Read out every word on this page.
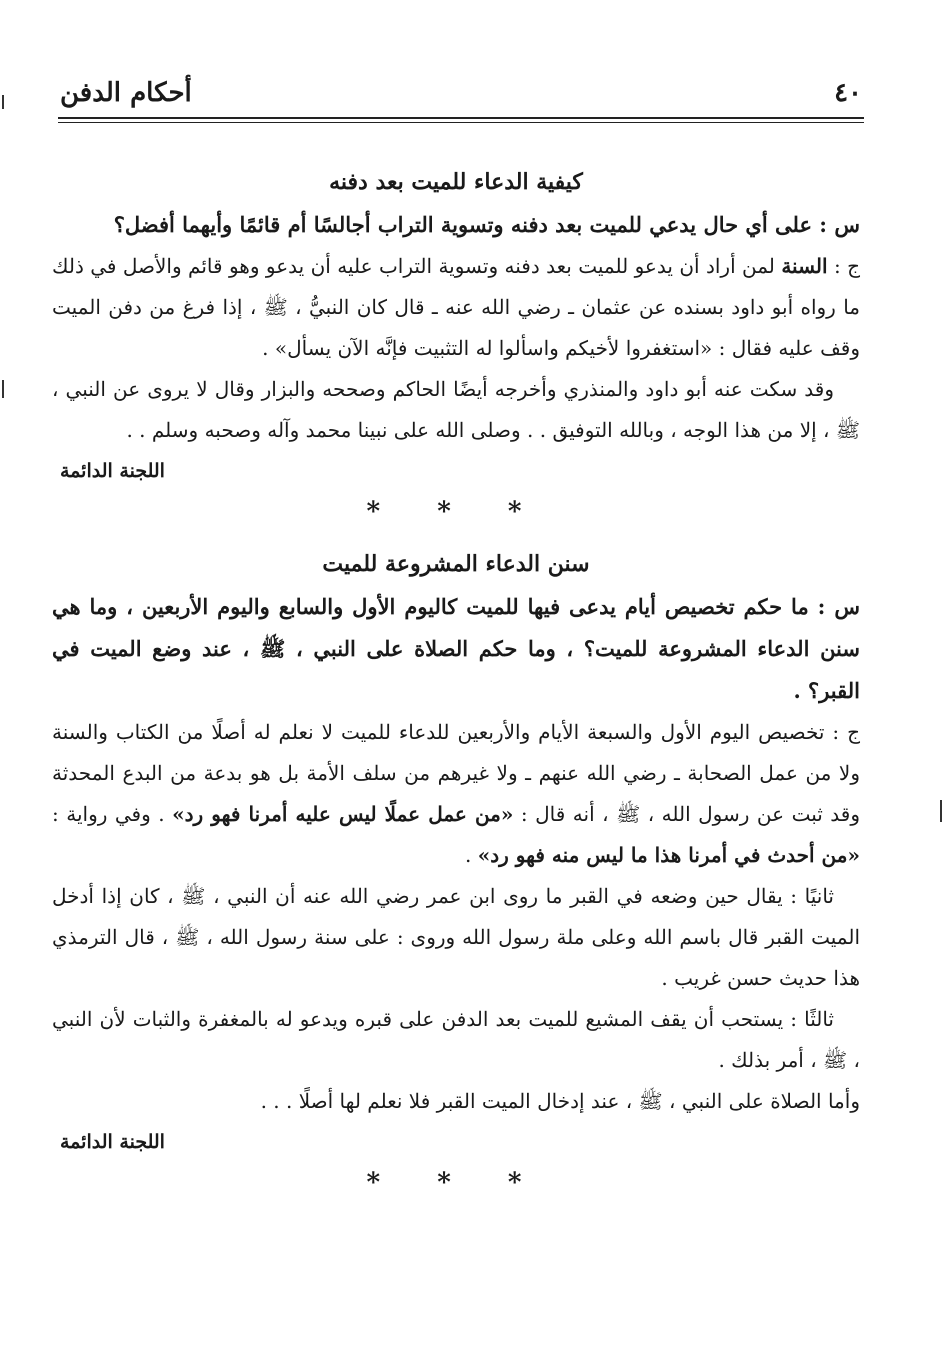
٤٠
أحكام الدفن
كيفية الدعاء للميت بعد دفنه

س : على أي حال يدعي للميت بعد دفنه وتسوية التراب أجالسًا أم قائمًا وأيهما أفضل؟

ج : السنة لمن أراد أن يدعو للميت بعد دفنه وتسوية التراب عليه أن يدعو وهو قائم والأصل في ذلك ما رواه أبو داود بسنده عن عثمان ـ رضي الله عنه ـ قال كان النبيُّ ، ﷺ ، إذا فرغ من دفن الميت وقف عليه فقال : «استغفروا لأخيكم واسألوا له التثبيت فإنَّه الآن يسأل» .

وقد سكت عنه أبو داود والمنذري وأخرجه أيضًا الحاكم وصححه والبزار وقال لا يروى عن النبي ، ﷺ ، إلا من هذا الوجه ، وبالله التوفيق . . وصلى الله على نبينا محمد وآله وصحبه وسلم . .

اللجنة الدائمة

* * *

سنن الدعاء المشروعة للميت

س : ما حكم تخصيص أيام يدعى فيها للميت كاليوم الأول والسابع واليوم الأربعين ، وما هي سنن الدعاء المشروعة للميت؟ ، وما حكم الصلاة على النبي ، ﷺ ، عند وضع الميت في القبر؟ .

ج : تخصيص اليوم الأول والسبعة الأيام والأربعين للدعاء للميت لا نعلم له أصلًا من الكتاب والسنة ولا من عمل الصحابة ـ رضي الله عنهم ـ ولا غيرهم من سلف الأمة بل هو بدعة من البدع المحدثة وقد ثبت عن رسول الله ، ﷺ ، أنه قال : «من عمل عملًا ليس عليه أمرنا فهو رد» . وفي رواية : «من أحدث في أمرنا هذا ما ليس منه فهو رد» .

ثانيًا : يقال حين وضعه في القبر ما روى ابن عمر رضي الله عنه أن النبي ، ﷺ ، كان إذا أدخل الميت القبر قال باسم الله وعلى ملة رسول الله وروى : على سنة رسول الله ، ﷺ ، قال الترمذي هذا حديث حسن غريب .

ثالثًا : يستحب أن يقف المشيع للميت بعد الدفن على قبره ويدعو له بالمغفرة والثبات لأن النبي ، ﷺ ، أمر بذلك .

وأما الصلاة على النبي ، ﷺ ، عند إدخال الميت القبر فلا نعلم لها أصلًا . . .

اللجنة الدائمة

* * *
